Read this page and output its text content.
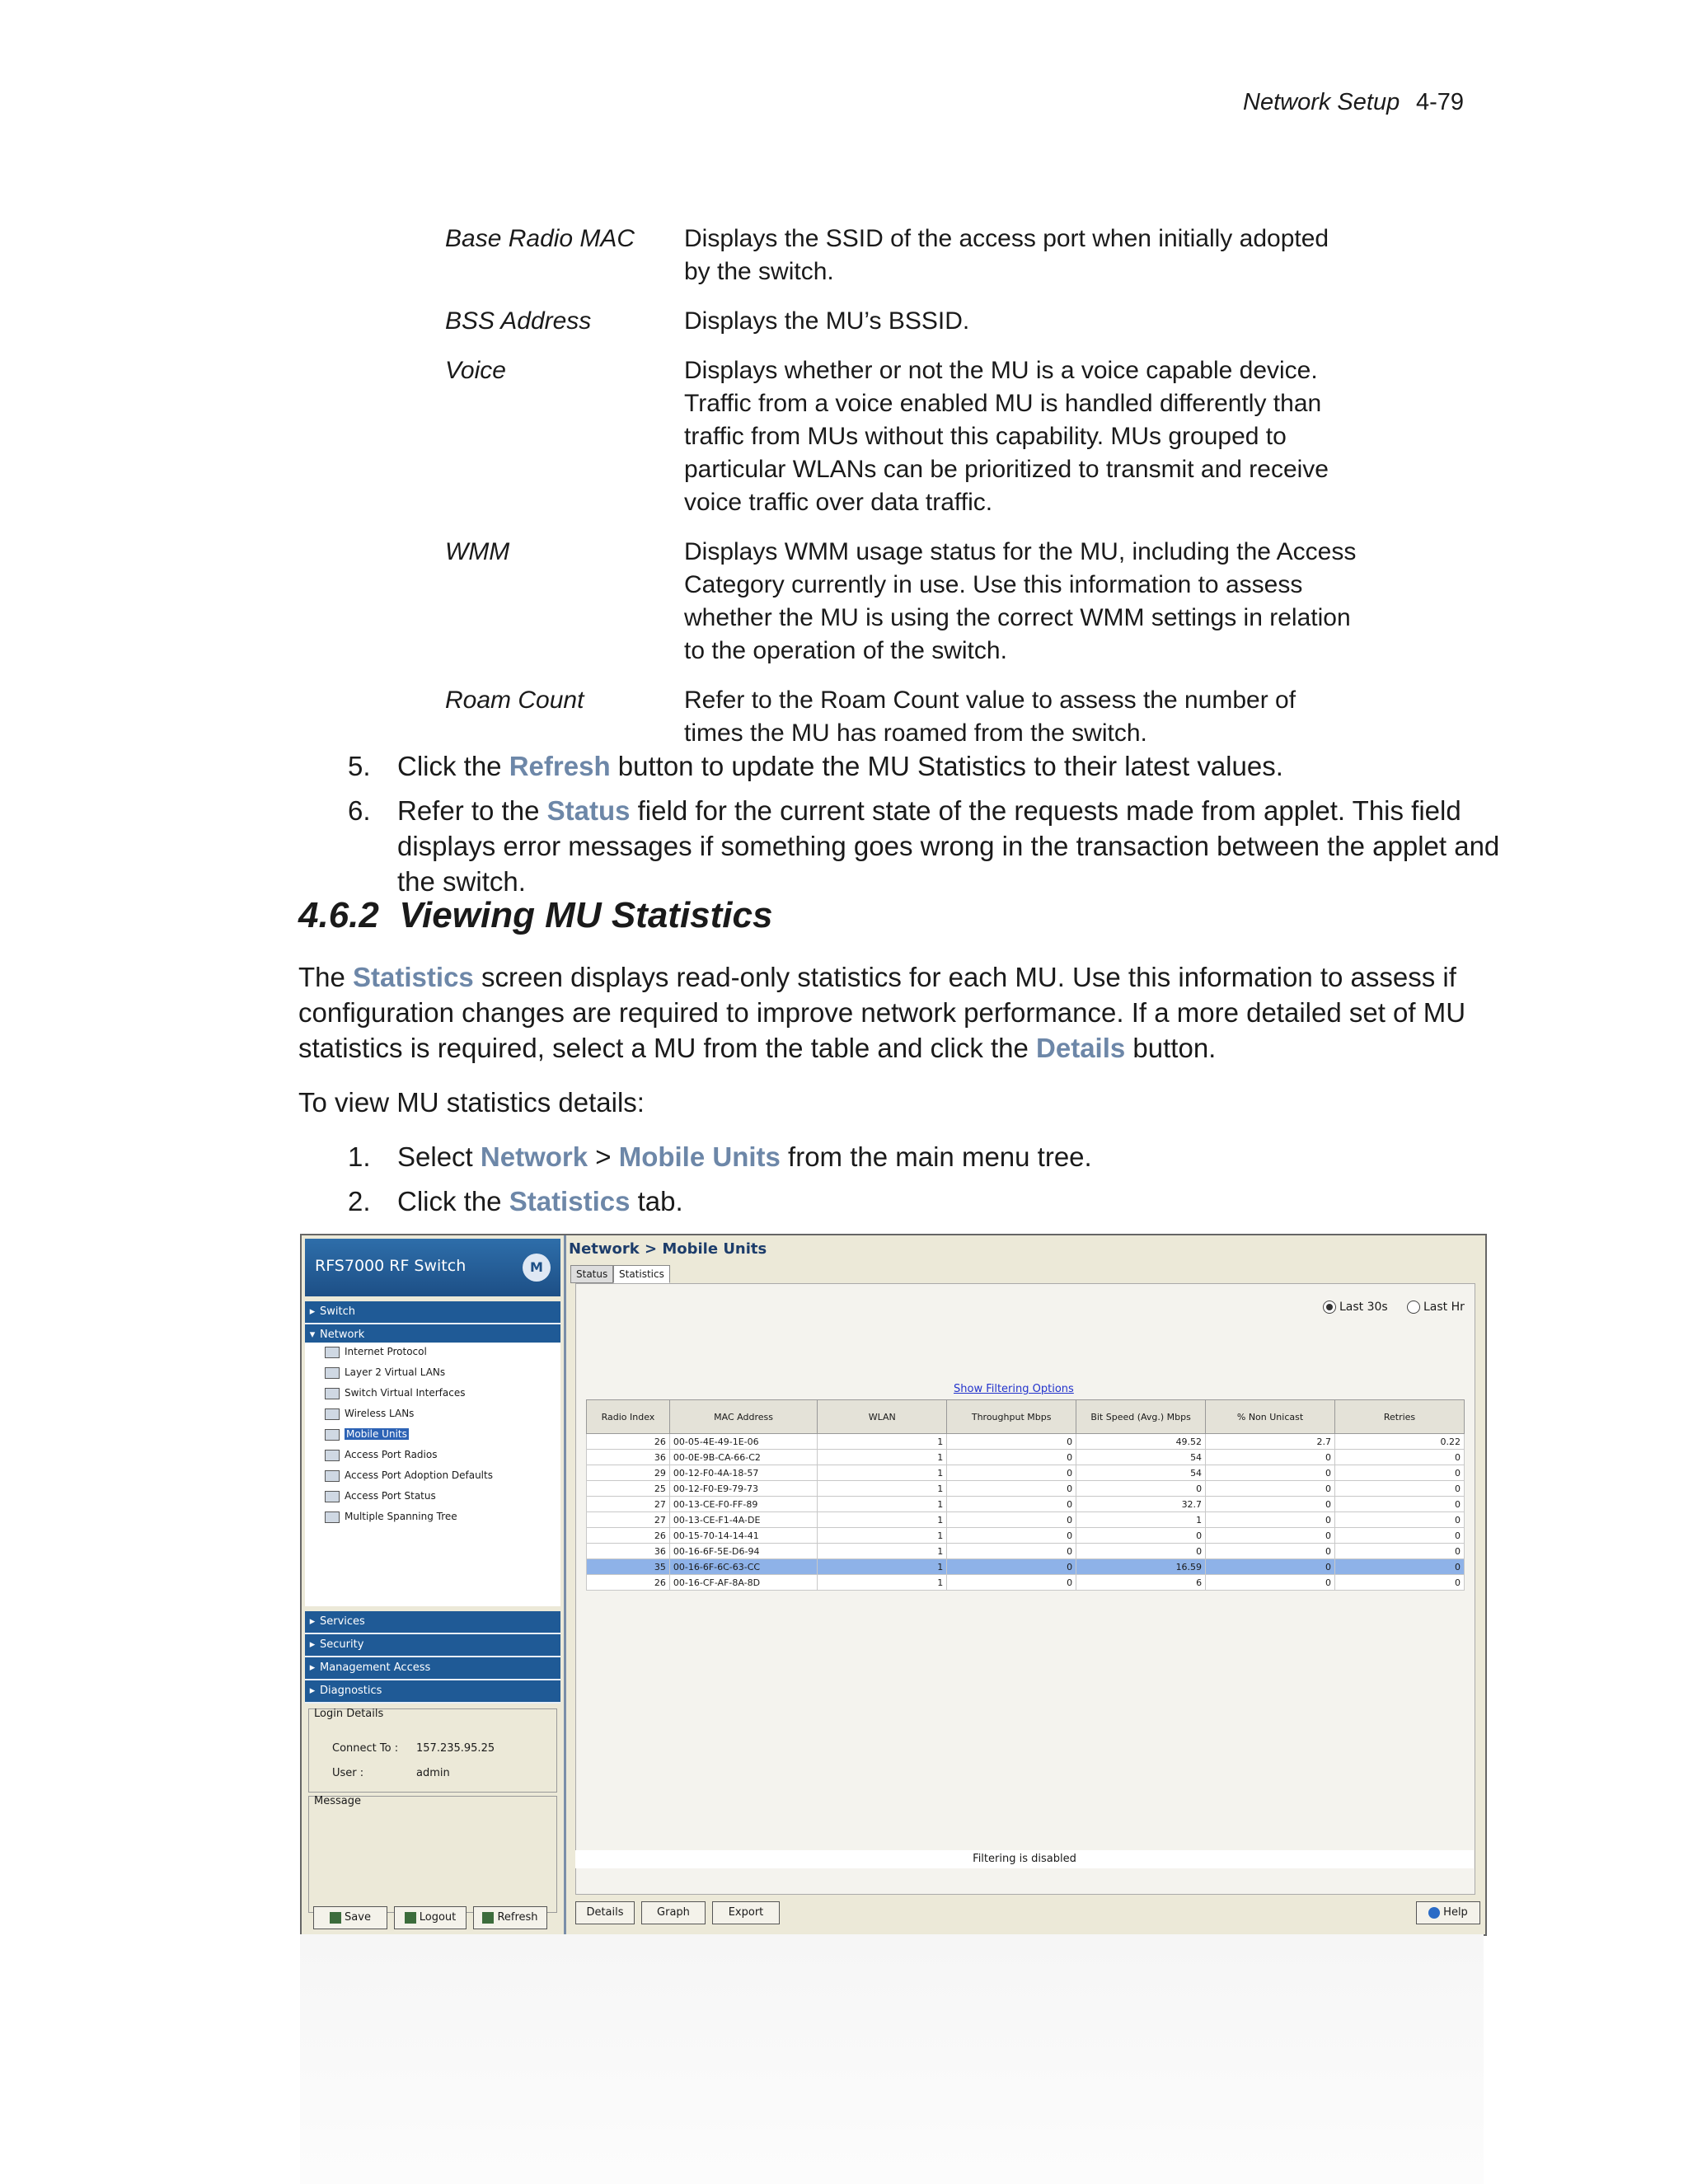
Network Setup 4-79
Base Radio MAC	Displays the SSID of the access port when initially adopted by the switch.
BSS Address	Displays the MU’s BSSID.
Voice	Displays whether or not the MU is a voice capable device. Traffic from a voice enabled MU is handled differently than traffic from MUs without this capability. MUs grouped to particular WLANs can be prioritized to transmit and receive voice traffic over data traffic.
WMM	Displays WMM usage status for the MU, including the Access Category currently in use. Use this information to assess whether the MU is using the correct WMM settings in relation to the operation of the switch.
Roam Count	Refer to the Roam Count value to assess the number of times the MU has roamed from the switch.
5. Click the Refresh button to update the MU Statistics to their latest values.
6. Refer to the Status field for the current state of the requests made from applet. This field displays error messages if something goes wrong in the transaction between the applet and the switch.
4.6.2 Viewing MU Statistics
The Statistics screen displays read-only statistics for each MU. Use this information to assess if configuration changes are required to improve network performance. If a more detailed set of MU statistics is required, select a MU from the table and click the Details button.
To view MU statistics details:
1. Select Network > Mobile Units from the main menu tree.
2. Click the Statistics tab.
RFS7000 RF Switch	M
▸ Switch
▾ Network
Internet Protocol
Layer 2 Virtual LANs
Switch Virtual Interfaces
Wireless LANs
Mobile Units
Access Port Radios
Access Port Adoption Defaults
Access Port Status
Multiple Spanning Tree
▸ Services
▸ Security
▸ Management Access
▸ Diagnostics
Login Details
Connect To : 157.235.95.25
User :	admin
Message
Save	Logout	Refresh
Network > Mobile Units
Status	Statistics
Last 30s	Last Hr
Show Filtering Options
Radio Index	MAC Address	WLAN	Throughput Mbps	Bit Speed (Avg.) Mbps	% Non Unicast	Retries
26	00-05-4E-49-1E-06	1	0	49.52	2.7	0.22
36	00-0E-9B-CA-66-C2	1	0	54	0	0
29	00-12-F0-4A-18-57	1	0	54	0	0
25	00-12-F0-E9-79-73	1	0	0	0	0
27	00-13-CE-F0-FF-89	1	0	32.7	0	0
27	00-13-CE-F1-4A-DE	1	0	1	0	0
26	00-15-70-14-14-41	1	0	0	0	0
36	00-16-6F-5E-D6-94	1	0	0	0	0
35	00-16-6F-6C-63-CC	1	0	16.59	0	0
26	00-16-CF-AF-8A-8D	1	0	6	0	0
Filtering is disabled
Details	Graph	Export	Help
